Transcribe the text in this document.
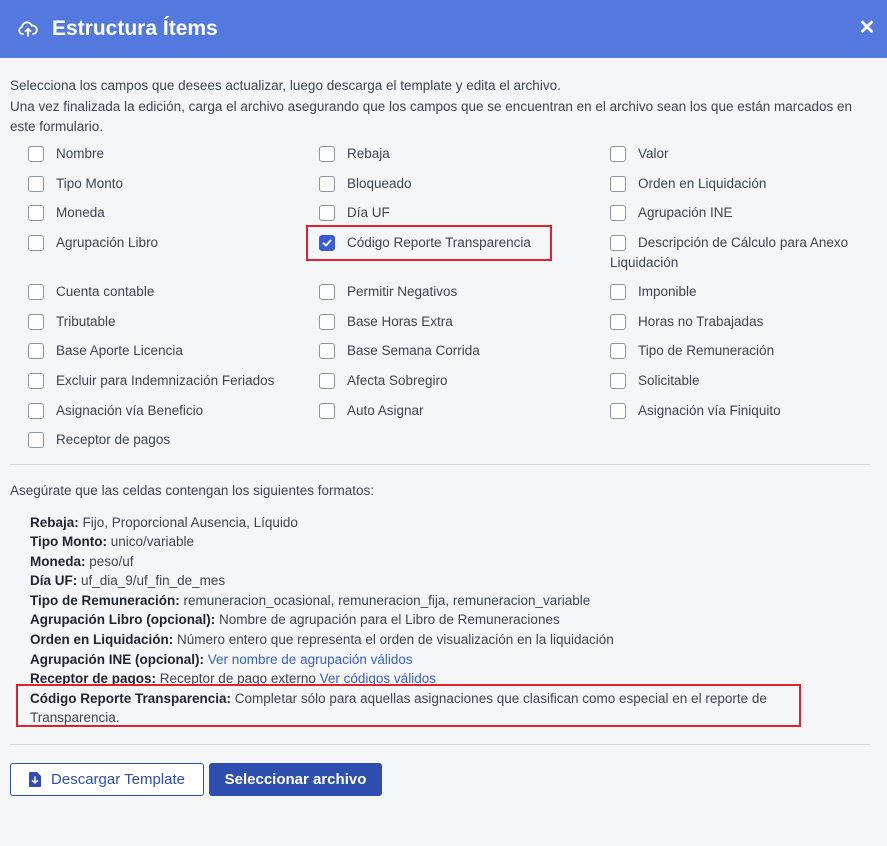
Estructura Ítems	✕
Selecciona los campos que desees actualizar, luego descarga el template y edita el archivo.
Una vez finalizada la edición, carga el archivo asegurando que los campos que se encuentran en el archivo sean los que están marcados en este formulario.
Nombre	Rebaja	Valor
Tipo Monto	Bloqueado	Orden en Liquidación
Moneda	Día UF	Agrupación INE
Agrupación Libro	Código Reporte Transparencia	Descripción de Cálculo para Anexo Liquidación
Cuenta contable	Permitir Negativos	Imponible
Tributable	Base Horas Extra	Horas no Trabajadas
Base Aporte Licencia	Base Semana Corrida	Tipo de Remuneración
Excluir para Indemnización Feriados	Afecta Sobregiro	Solicitable
Asignación vía Beneficio	Auto Asignar	Asignación vía Finiquito
Receptor de pagos
Asegúrate que las celdas contengan los siguientes formatos:
Rebaja: Fijo, Proporcional Ausencia, Líquido
Tipo Monto: unico/variable
Moneda: peso/uf
Día UF: uf_dia_9/uf_fin_de_mes
Tipo de Remuneración: remuneracion_ocasional, remuneracion_fija, remuneracion_variable
Agrupación Libro (opcional): Nombre de agrupación para el Libro de Remuneraciones
Orden en Liquidación: Número entero que representa el orden de visualización en la liquidación
Agrupación INE (opcional): Ver nombre de agrupación válidos
Receptor de pagos: Receptor de pago externo Ver códigos válidos
Código Reporte Transparencia: Completar sólo para aquellas asignaciones que clasifican como especial en el reporte de Transparencia.
Descargar Template	Seleccionar archivo
